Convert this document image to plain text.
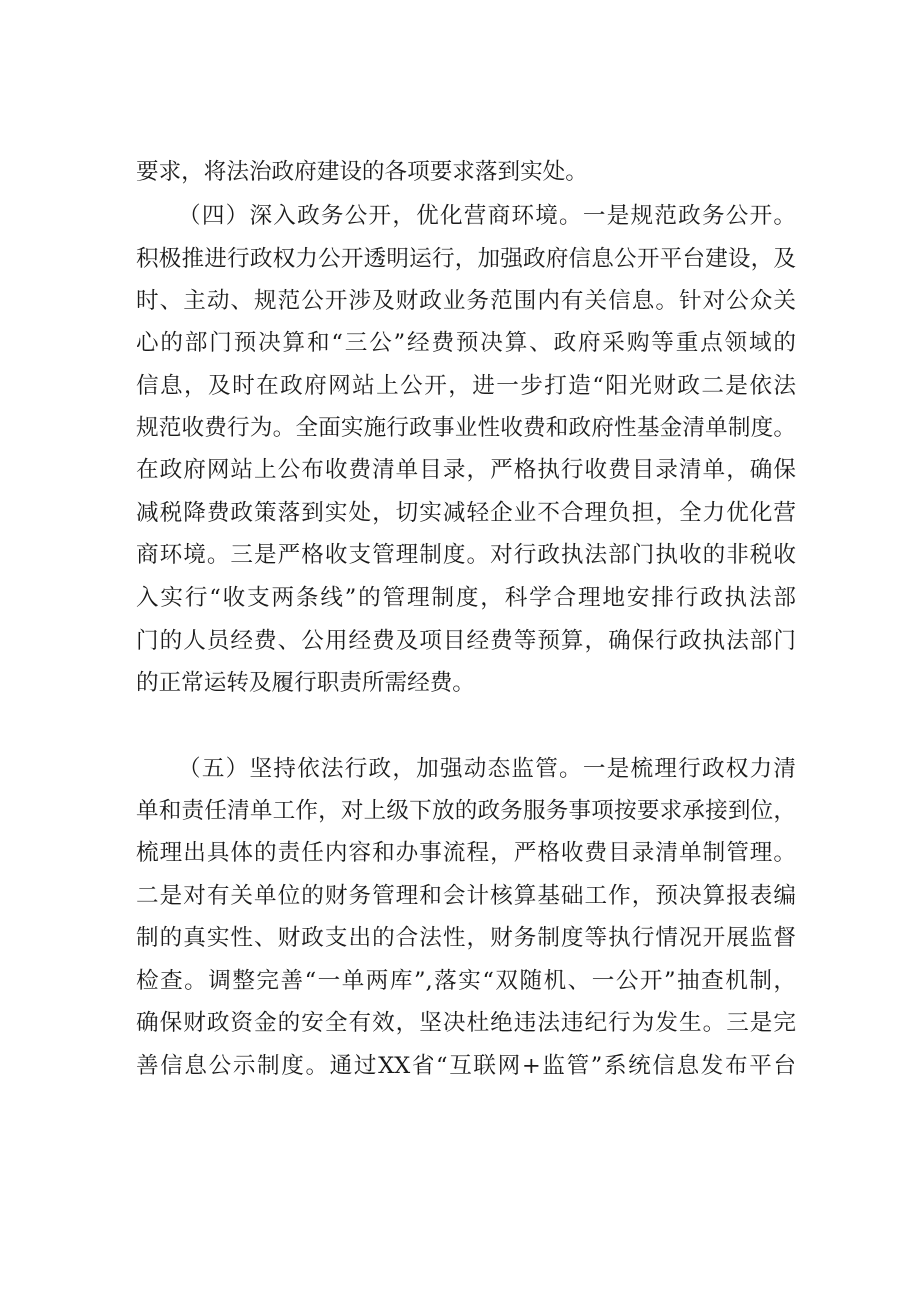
要求，将法治政府建设的各项要求落到实处。
（四）深入政务公开，优化营商环境。一是规范政务公开。
积极推进行政权力公开透明运行，加强政府信息公开平台建设，及
时、主动、规范公开涉及财政业务范围内有关信息。针对公众关
心的部门预决算和“三公”经费预决算、政府采购等重点领域的
信息，及时在政府网站上公开，进一步打造“阳光财政二是依法
规范收费行为。全面实施行政事业性收费和政府性基金清单制度。
在政府网站上公布收费清单目录，严格执行收费目录清单，确保
减税降费政策落到实处，切实减轻企业不合理负担，全力优化营
商环境。三是严格收支管理制度。对行政执法部门执收的非税收
入实行“收支两条线”的管理制度，科学合理地安排行政执法部
门的人员经费、公用经费及项目经费等预算，确保行政执法部门
的正常运转及履行职责所需经费。
（五）坚持依法行政，加强动态监管。一是梳理行政权力清
单和责任清单工作，对上级下放的政务服务事项按要求承接到位，
梳理出具体的责任内容和办事流程，严格收费目录清单制管理。
二是对有关单位的财务管理和会计核算基础工作，预决算报表编
制的真实性、财政支出的合法性，财务制度等执行情况开展监督
检查。调整完善“一单两库”,落实“双随机、一公开”抽查机制，
确保财政资金的安全有效，坚决杜绝违法违纪行为发生。三是完
善信息公示制度。通过XX省“互联网+监管”系统信息发布平台
